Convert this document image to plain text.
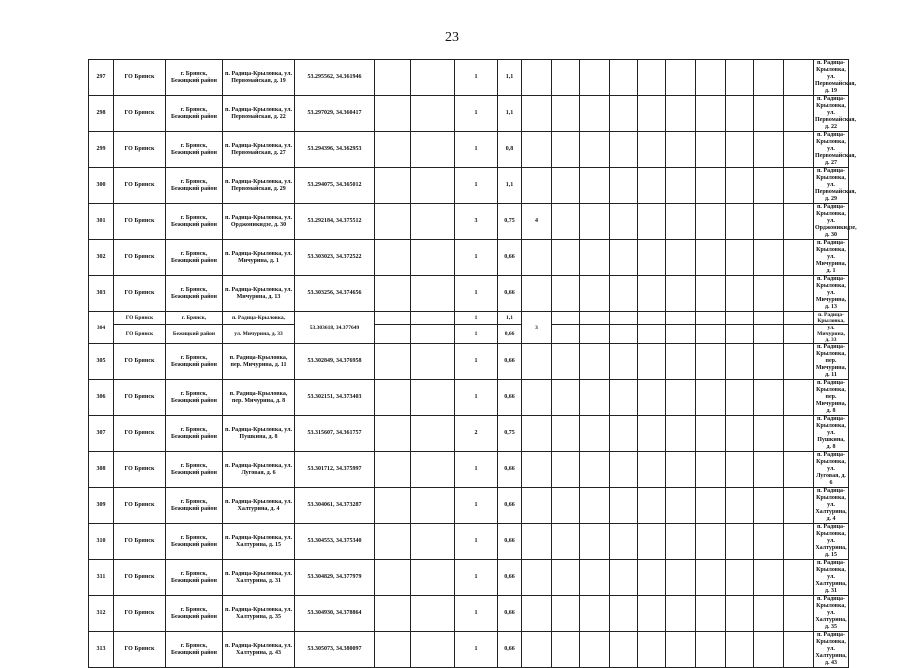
23
297	ГО Брянск	г. Брянск, Бежицкий район	п. Радица-Крыловка, ул. Первомайская, д. 19	53.295562, 34.361946			1	1,1											п. Радица-Крыловка, ул. Первомайская, д. 19
298	ГО Брянск	г. Брянск, Бежицкий район	п. Радица-Крыловка, ул. Первомайская, д. 22	53.297029, 34.360417			1	1,1											п. Радица-Крыловка, ул. Первомайская, д. 22
299	ГО Брянск	г. Брянск, Бежицкий район	п. Радица-Крыловка, ул. Первомайская, д. 27	53.294396, 34.362953			1	0,8											п. Радица-Крыловка, ул. Первомайская, д. 27
300	ГО Брянск	г. Брянск, Бежицкий район	п. Радица-Крыловка, ул. Первомайская, д. 29	53.294075, 34.365012			1	1,1											п. Радица-Крыловка, ул. Первомайская, д. 29
301	ГО Брянск	г. Брянск, Бежицкий район	п. Радица-Крыловка, ул. Орджоникидзе, д. 30	53.292184, 34.375512			3	0,75	4										п. Радица-Крыловка, ул. Орджоникидзе, д. 30
302	ГО Брянск	г. Брянск, Бежицкий район	п. Радица-Крыловка, ул. Мичурина, д. 1	53.303023, 34.372522			1	0,66											п. Радица-Крыловка, ул. Мичурина, д. 1
303	ГО Брянск	г. Брянск, Бежицкий район	п. Радица-Крыловка, ул. Мичурина, д. 13	53.303256, 34.374656			1	0,66											п. Радица-Крыловка, ул. Мичурина, д. 13
304	ГО Брянск	г. Брянск,	п. Радица-Крыловка,	53.303618, 34.377649			1	1,1	3										п. Радица-Крыловка,
	ГО Брянск	Бежицкий район	ул. Мичурина, д. 33				1	0,66											ул. Мичурина, д. 33
305	ГО Брянск	г. Брянск, Бежицкий район	п. Радица-Крыловка, пер. Мичурина, д. 11	53.302849, 34.376958			1	0,66											п. Радица-Крыловка, пер. Мичурина, д. 11
306	ГО Брянск	г. Брянск, Бежицкий район	п. Радица-Крыловка, пер. Мичурина, д. 8	53.302151, 34.373403			1	0,66											п. Радица-Крыловка, пер. Мичурина, д. 8
307	ГО Брянск	г. Брянск, Бежицкий район	п. Радица-Крыловка, ул. Пушкина, д. 8	53.315607, 34.361757			2	0,75											п. Радица-Крыловка, ул. Пушкина, д. 8
308	ГО Брянск	г. Брянск, Бежицкий район	п. Радица-Крыловка, ул. Луговая, д. 6	53.301712, 34.375997			1	0,66											п. Радица-Крыловка, ул. Луговая, д. 6
309	ГО Брянск	г. Брянск, Бежицкий район	п. Радица-Крыловка, ул. Халтурина, д. 4	53.304061, 34.373287			1	0,66											п. Радица-Крыловка, ул. Халтурина, д. 4
310	ГО Брянск	г. Брянск, Бежицкий район	п. Радица-Крыловка, ул. Халтурина, д. 15	53.304553, 34.375340			1	0,66											п. Радица-Крыловка, ул. Халтурина, д. 15
311	ГО Брянск	г. Брянск, Бежицкий район	п. Радица-Крыловка, ул. Халтурина, д. 31	53.304829, 34.377979			1	0,66											п. Радица-Крыловка, ул. Халтурина, д. 31
312	ГО Брянск	г. Брянск, Бежицкий район	п. Радица-Крыловка, ул. Халтурина, д. 35	53.304930, 34.378864			1	0,66											п. Радица-Крыловка, ул. Халтурина, д. 35
313	ГО Брянск	г. Брянск, Бежицкий район	п. Радица-Крыловка, ул. Халтурина, д. 43	53.305073, 34.380097			1	0,66											п. Радица-Крыловка, ул. Халтурина, д. 43
